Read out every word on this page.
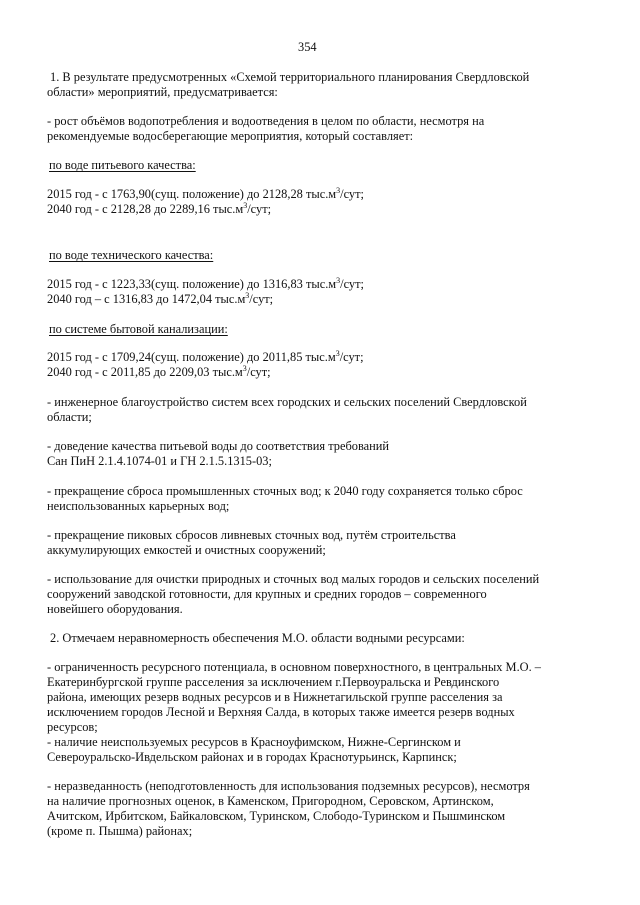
354
1. В результате предусмотренных «Схемой территориального планирования Свердловской
области» мероприятий, предусматривается:
- рост объёмов водопотребления и водоотведения в целом по области, несмотря на
рекомендуемые водосберегающие мероприятия, который составляет:
по воде питьевого качества:
2015 год - с 1763,90(сущ. положение) до 2128,28 $тыс.м^3$/сут;
2040 год - с 2128,28 до 2289,16 $тыс.м^3$/сут;
по воде технического качества:
2015 год - с 1223,33(сущ. положение) до 1316,83 $тыс.м^3$/сут;
2040 год – с 1316,83 до 1472,04 $тыс.м^3$/сут;
по системе бытовой канализации:
2015 год - с 1709,24(сущ. положение) до 2011,85 $тыс.м^3$/сут;
2040 год - с 2011,85 до 2209,03 $тыс.м^3$/сут;
- инженерное благоустройство систем всех городских и сельских поселений Свердловской
области;
- доведение качества питьевой воды до соответствия требований
Сан ПиН 2.1.4.1074-01 и ГН 2.1.5.1315-03;
- прекращение сброса промышленных сточных вод; к 2040 году сохраняется только сброс
неиспользованных карьерных вод;
- прекращение пиковых сбросов ливневых сточных вод, путём строительства
аккумулирующих емкостей и очистных сооружений;
- использование для очистки природных и сточных вод малых городов и сельских поселений
сооружений заводской готовности, для крупных и средних городов – современного
новейшего оборудования.
2. Отмечаем неравномерность обеспечения М.О. области водными ресурсами:
- ограниченность ресурсного потенциала, в основном поверхностного, в центральных М.О. –
Екатеринбургской группе расселения за исключением г.Первоуральска и Ревдинского
района, имеющих резерв водных ресурсов и в Нижнетагильской группе расселения за
исключением городов Лесной и Верхняя Салда, в которых также имеется резерв водных
ресурсов;
- наличие неиспользуемых ресурсов в Красноуфимском, Нижне-Сергинском и
Североуральско-Ивдельском районах и в городах Краснотурьинск, Карпинск;
- неразведанность (неподготовленность для использования подземных ресурсов), несмотря
на наличие прогнозных оценок, в Каменском, Пригородном, Серовском, Артинском,
Ачитском, Ирбитском, Байкаловском, Туринском, Слободо-Туринском и Пышминском
(кроме п. Пышма) районах;
